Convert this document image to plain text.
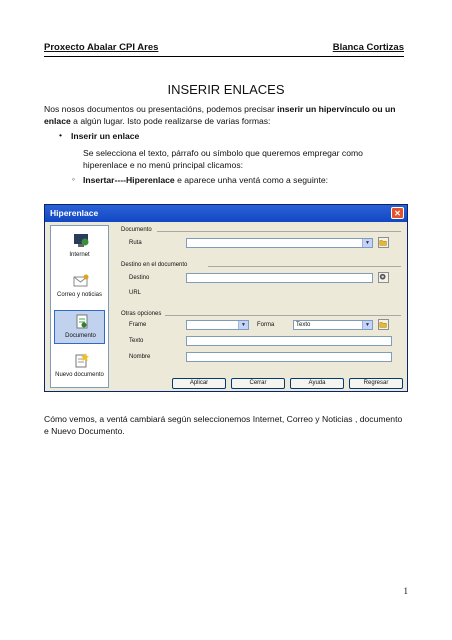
Proxecto Abalar CPI Ares	Blanca Cortizas
INSERIR ENLACES
Nos nosos documentos ou presentacións, podemos precisar inserir un hipervínculo ou un enlace a algún lugar. Isto pode realizarse de varias formas:
• Inserir un enlace
Se selecciona el texto, párrafo ou símbolo que queremos empregar como hiperenlace e no menú principal clicamos:
◦ Insertar----Hiperenlace e aparece unha ventá como a seguinte:
Hiperenlace	✕
Internet
Correo y noticias
Documento
Nuevo documento
Documento
Ruta	▼
Destino en el documento
Destino
URL
Otras opciones
Frame	▼	Forma	Texto	▼
Texto
Nombre
Aplicar	Cerrar	Ayuda	Regresar
Cómo vemos, a ventá cambiará según seleccionemos Internet, Correo y Noticias , documento e Nuevo Documento.
1
